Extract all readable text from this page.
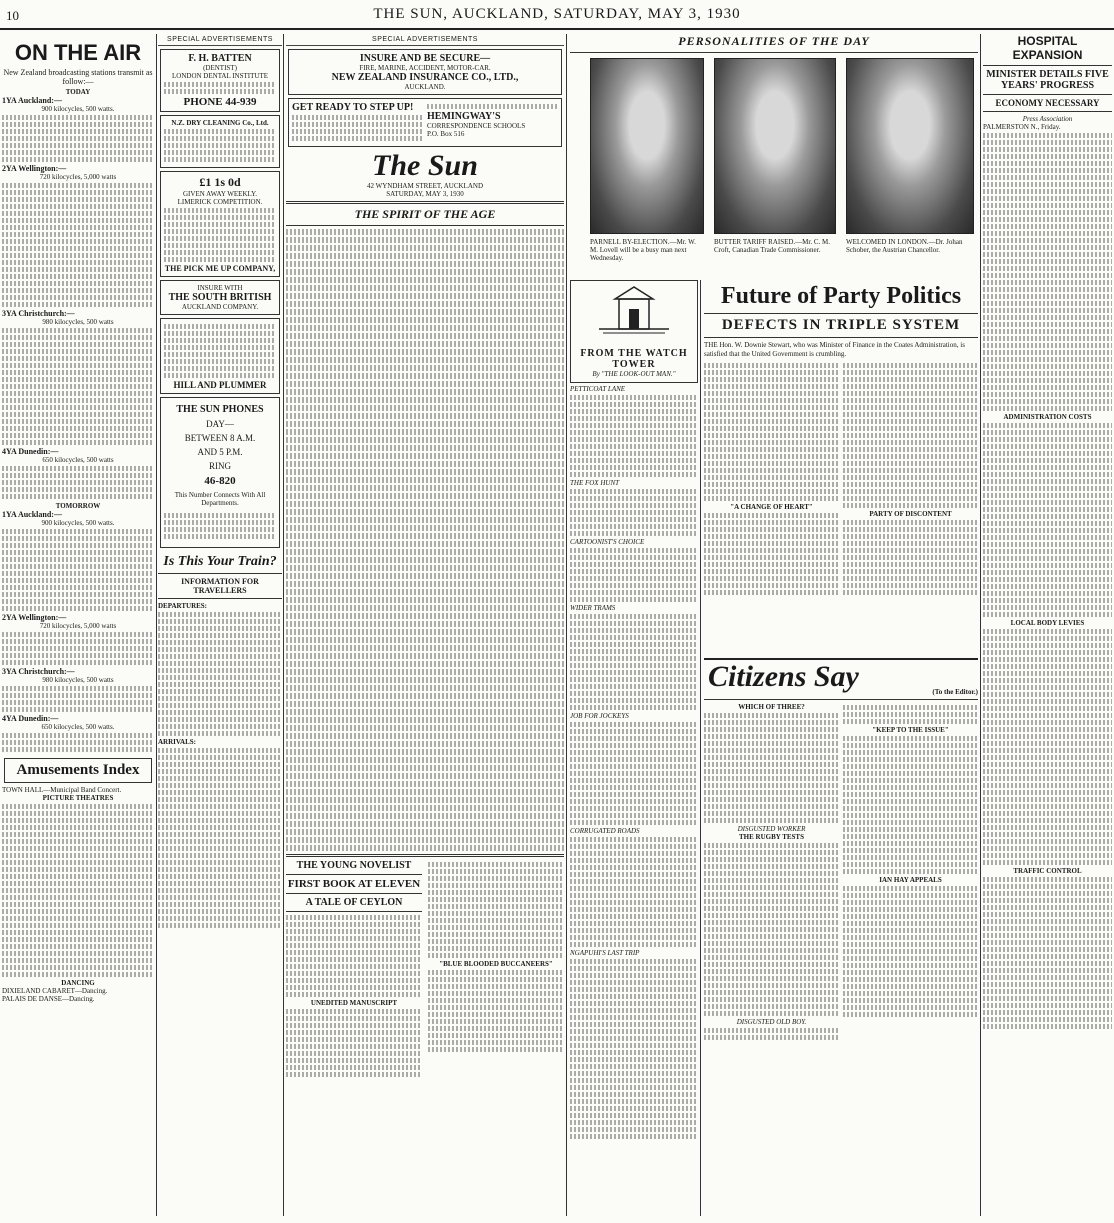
10	THE SUN, AUCKLAND, SATURDAY, MAY 3, 1930
ON THE AIR

New Zealand broadcasting stations transmit as follow:—

TODAY

1YA Auckland:—

900 kilocycles, 500 watts.

2YA Wellington:—

720 kilocycles, 5,000 watts

3YA Christchurch:—

980 kilocycles, 500 watts

4YA Dunedin:—

650 kilocycles, 500 watts

TOMORROW

1YA Auckland:—

900 kilocycles, 500 watts.

2YA Wellington:—

720 kilocycles, 5,000 watts

3YA Christchurch:—

980 kilocycles, 500 watts

4YA Dunedin:—

650 kilocycles, 500 watts.

Amusements Index

TOWN HALL—Municipal Band Concert.

PICTURE THEATRES

DANCING

DIXIELAND CABARET—Dancing.

PALAIS DE DANSE—Dancing.

SPECIAL ADVERTISEMENTS

F. H. BATTEN

(DENTIST)

LONDON DENTAL INSTITUTE

PHONE 44-939

N.Z. DRY CLEANING Co., Ltd.

£1 1s 0d

GIVEN AWAY WEEKLY.

LIMERICK COMPETITION.

THE PICK ME UP COMPANY,

INSURE WITH

THE SOUTH BRITISH

AUCKLAND COMPANY.

HILL AND PLUMMER

THE SUN PHONES

DAY—

BETWEEN 8 A.M.

AND 5 P.M.

RING

46-820

This Number Connects With All Departments.

Is This Your Train?

INFORMATION FOR TRAVELLERS

DEPARTURES:

ARRIVALS:

SPECIAL ADVERTISEMENTS

INSURE AND BE SECURE—

FIRE, MARINE, ACCIDENT, MOTOR-CAR.

NEW ZEALAND INSURANCE CO., LTD.,

AUCKLAND.

GET READY TO STEP UP!

HEMINGWAY'S

CORRESPONDENCE SCHOOLS

P.O. Box 516

The Sun

42 WYNDHAM STREET, AUCKLAND

SATURDAY, MAY 3, 1930

THE SPIRIT OF THE AGE
THE YOUNG NOVELIST
FIRST BOOK AT ELEVEN
A TALE OF CEYLON

UNEDITED MANUSCRIPT

"BLUE BLOODED BUCCANEERS"

PERSONALITIES OF THE DAY
PARNELL BY-ELECTION.—Mr. W. M. Lovell will be a busy man next Wednesday.
BUTTER TARIFF RAISED.—Mr. C. M. Croft, Canadian Trade Commissioner.
WELCOMED IN LONDON.—Dr. Johan Schober, the Austrian Chancellor.

FROM THE WATCH TOWER

By "THE LOOK-OUT MAN."

PETTICOAT LANE

THE FOX HUNT

CARTOONIST'S CHOICE

WIDER TRAMS

JOB FOR JOCKEYS

CORRUGATED ROADS

NGAPUHI'S LAST TRIP

Future of Party Politics
DEFECTS IN TRIPLE SYSTEM

THE Hon. W. Downie Stewart, who was Minister of Finance in the Coates Administration, is satisfied that the United Government is crumbling.

"A CHANGE OF HEART"

PARTY OF DISCONTENT

Citizens Say	(To the Editor.)

WHICH OF THREE?

DISGUSTED WORKER

THE RUGBY TESTS

DISGUSTED OLD BOY.

"KEEP TO THE ISSUE"

IAN HAY APPEALS

HOSPITAL EXPANSION
MINISTER DETAILS FIVE YEARS' PROGRESS
ECONOMY NECESSARY

Press Association

PALMERSTON N., Friday.

ADMINISTRATION COSTS

LOCAL BODY LEVIES

TRAFFIC CONTROL
